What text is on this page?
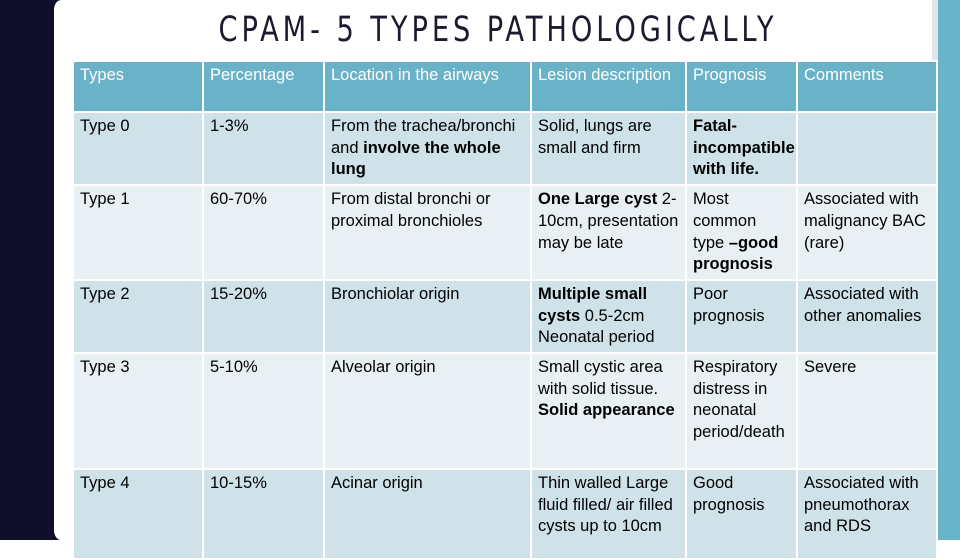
CPAM- 5 TYPES PATHOLOGICALLY
Types	Percentage	Location in the airways	Lesion description	Prognosis	Comments
Type 0	1-3%	From the trachea/bronchi and involve the whole lung	Solid, lungs are small and firm	Fatal- incompatible with life.	
Type 1	60-70%	From distal bronchi or proximal bronchioles	One Large cyst 2-10cm, presentation may be late	Most common type –good prognosis	Associated with malignancy BAC (rare)
Type 2	15-20%	Bronchiolar origin	Multiple small cysts 0.5-2cm Neonatal period	Poor prognosis	Associated with other anomalies
Type 3	5-10%	Alveolar origin	Small cystic area with solid tissue. Solid appearance	Respiratory distress in neonatal period/death	Severe
Type 4	10-15%	Acinar origin	Thin walled Large fluid filled/ air filled cysts up to 10cm	Good prognosis	Associated with pneumothorax and RDS
